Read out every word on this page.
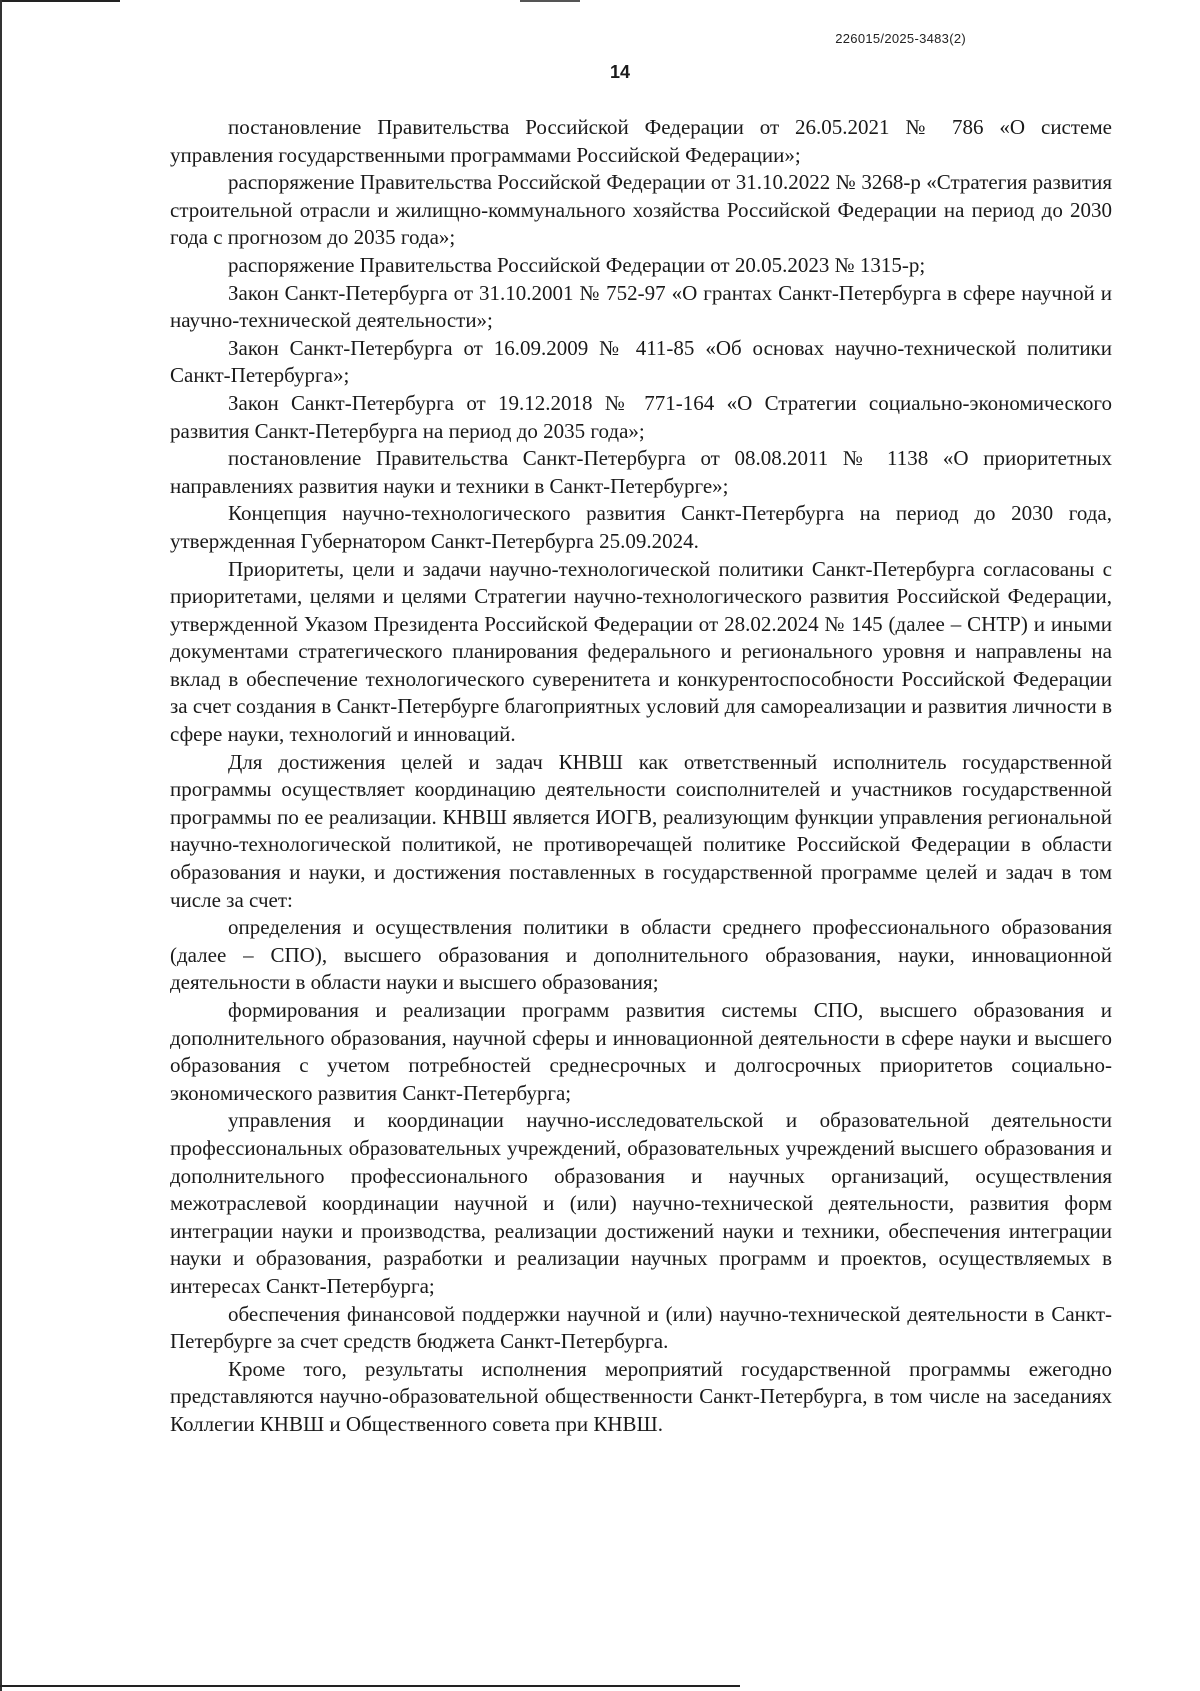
226015/2025-3483(2)
14

постановление Правительства Российской Федерации от 26.05.2021 № 786 «О системе управления государственными программами Российской Федерации»;

распоряжение Правительства Российской Федерации от 31.10.2022 № 3268-р «Стратегия развития строительной отрасли и жилищно-коммунального хозяйства Российской Федерации на период до 2030 года с прогнозом до 2035 года»;

распоряжение Правительства Российской Федерации от 20.05.2023 № 1315-р;

Закон Санкт-Петербурга от 31.10.2001 № 752-97 «О грантах Санкт-Петербурга в сфере научной и научно-технической деятельности»;

Закон Санкт-Петербурга от 16.09.2009 № 411-85 «Об основах научно-технической политики Санкт-Петербурга»;

Закон Санкт-Петербурга от 19.12.2018 № 771-164 «О Стратегии социально-экономического развития Санкт-Петербурга на период до 2035 года»;

постановление Правительства Санкт-Петербурга от 08.08.2011 № 1138 «О приоритетных направлениях развития науки и техники в Санкт-Петербурге»;

Концепция научно-технологического развития Санкт-Петербурга на период до 2030 года, утвержденная Губернатором Санкт-Петербурга 25.09.2024.

Приоритеты, цели и задачи научно-технологической политики Санкт-Петербурга согласованы с приоритетами, целями и целями Стратегии научно-технологического развития Российской Федерации, утвержденной Указом Президента Российской Федерации от 28.02.2024 № 145 (далее – СНТР) и иными документами стратегического планирования федерального и регионального уровня и направлены на вклад в обеспечение технологического суверенитета и конкурентоспособности Российской Федерации за счет создания в Санкт-Петербурге благоприятных условий для самореализации и развития личности в сфере науки, технологий и инноваций.

Для достижения целей и задач КНВШ как ответственный исполнитель государственной программы осуществляет координацию деятельности соисполнителей и участников государственной программы по ее реализации. КНВШ является ИОГВ, реализующим функции управления региональной научно-технологической политикой, не противоречащей политике Российской Федерации в области образования и науки, и достижения поставленных в государственной программе целей и задач в том числе за счет:

определения и осуществления политики в области среднего профессионального образования (далее – СПО), высшего образования и дополнительного образования, науки, инновационной деятельности в области науки и высшего образования;

формирования и реализации программ развития системы СПО, высшего образования и дополнительного образования, научной сферы и инновационной деятельности в сфере науки и высшего образования с учетом потребностей среднесрочных и долгосрочных приоритетов социально-экономического развития Санкт-Петербурга;

управления и координации научно-исследовательской и образовательной деятельности профессиональных образовательных учреждений, образовательных учреждений высшего образования и дополнительного профессионального образования и научных организаций, осуществления межотраслевой координации научной и (или) научно-технической деятельности, развития форм интеграции науки и производства, реализации достижений науки и техники, обеспечения интеграции науки и образования, разработки и реализации научных программ и проектов, осуществляемых в интересах Санкт-Петербурга;

обеспечения финансовой поддержки научной и (или) научно-технической деятельности в Санкт-Петербурге за счет средств бюджета Санкт-Петербурга.

Кроме того, результаты исполнения мероприятий государственной программы ежегодно представляются научно-образовательной общественности Санкт-Петербурга, в том числе на заседаниях Коллегии КНВШ и Общественного совета при КНВШ.
